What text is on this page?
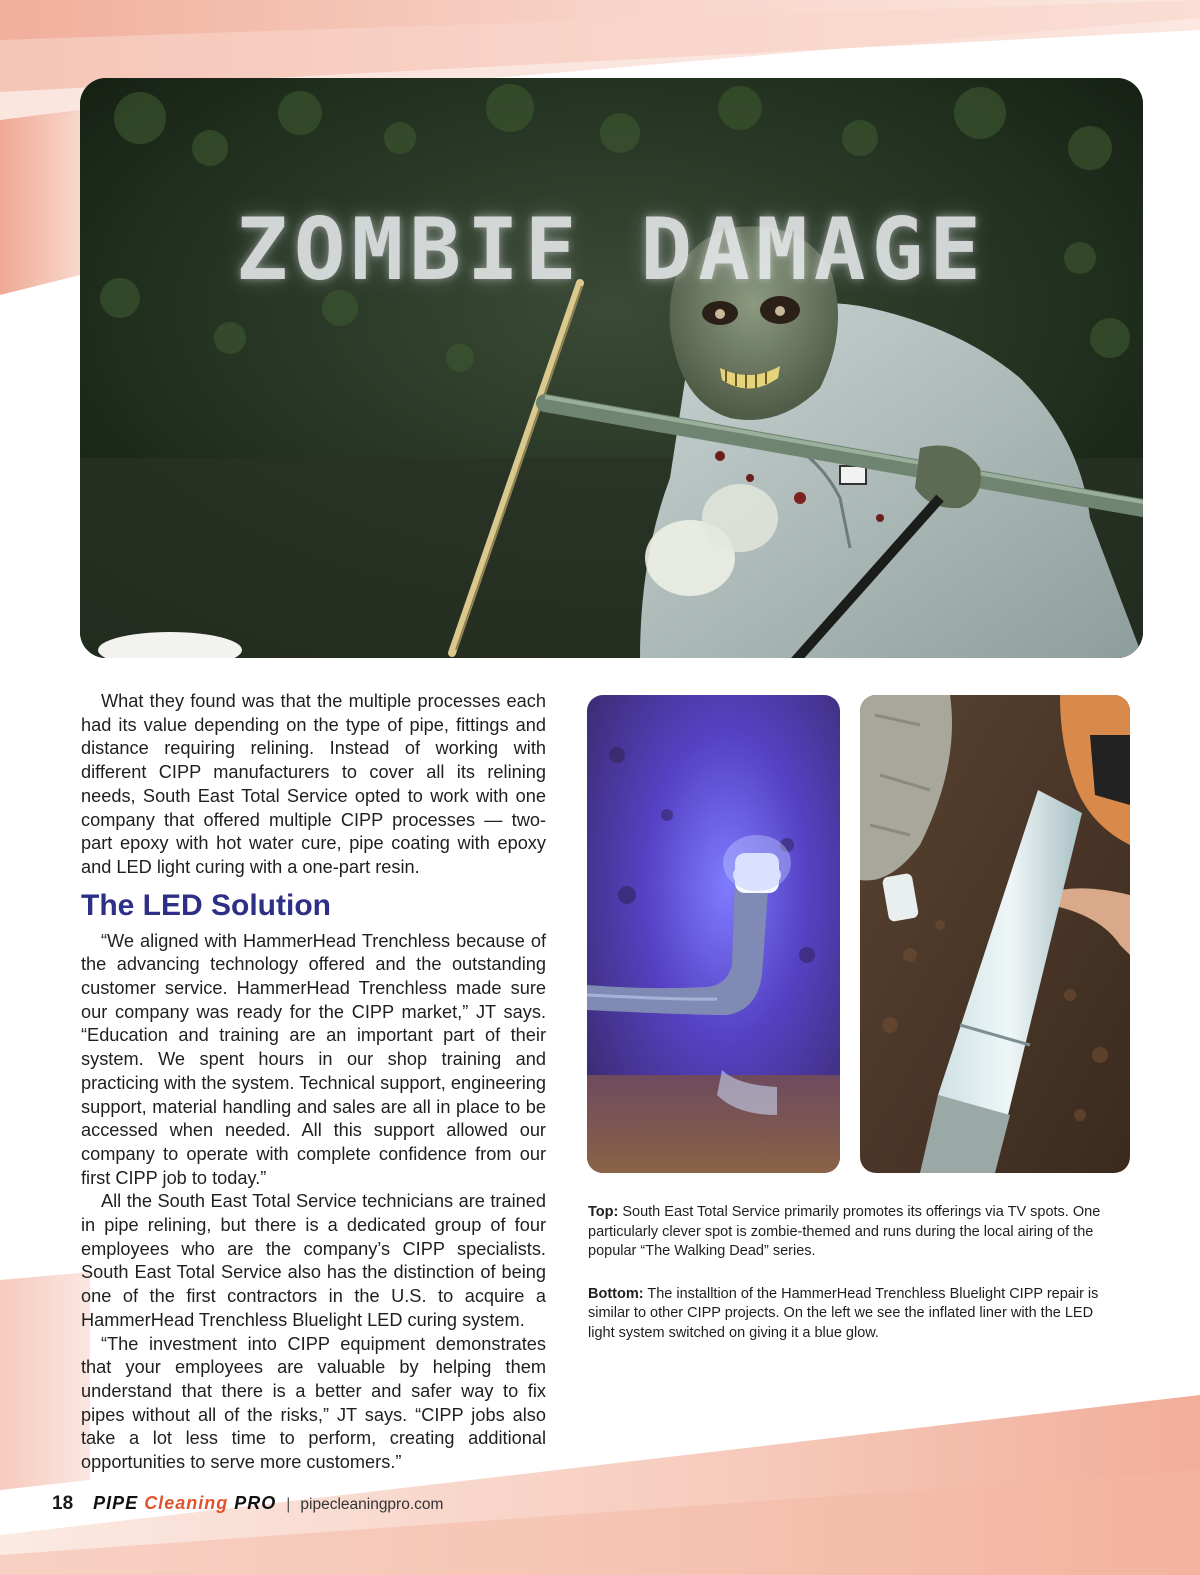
ZOMBIE DAMAGE

What they found was that the multiple processes each had its value depending on the type of pipe, fittings and distance requiring relining. Instead of working with different CIPP manufacturers to cover all its relining needs, South East Total Service opted to work with one company that offered multiple CIPP processes — two-part epoxy with hot water cure, pipe coating with epoxy and LED light curing with a one-part resin.

The LED Solution

“We aligned with HammerHead Trenchless because of the advancing technology offered and the outstanding customer service. HammerHead Trenchless made sure our company was ready for the CIPP market,” JT says. “Education and training are an important part of their system. We spent hours in our shop training and practicing with the system. Technical support, engineering support, material handling and sales are all in place to be accessed when needed. All this support allowed our company to operate with complete confidence from our first CIPP job to today.”

All the South East Total Service technicians are trained in pipe relining, but there is a dedicated group of four employees who are the company’s CIPP specialists. South East Total Service also has the distinction of being one of the first contractors in the U.S. to acquire a HammerHead Trenchless Bluelight LED curing system.

“The investment into CIPP equipment demonstrates that your employees are valuable by helping them understand that there is a better and safer way to fix pipes without all of the risks,” JT says. “CIPP jobs also take a lot less time to perform, creating additional opportunities to serve more customers.”

Top: South East Total Service primarily promotes its offerings via TV spots. One particularly clever spot is zombie-themed and runs during the local airing of the popular “The Walking Dead” series.

Bottom: The installtion of the HammerHead Trenchless Bluelight CIPP repair is similar to other CIPP projects. On the left we see the inflated liner with the LED light system switched on giving it a blue glow.

18 PIPE Cleaning PRO | pipecleaningpro.com
